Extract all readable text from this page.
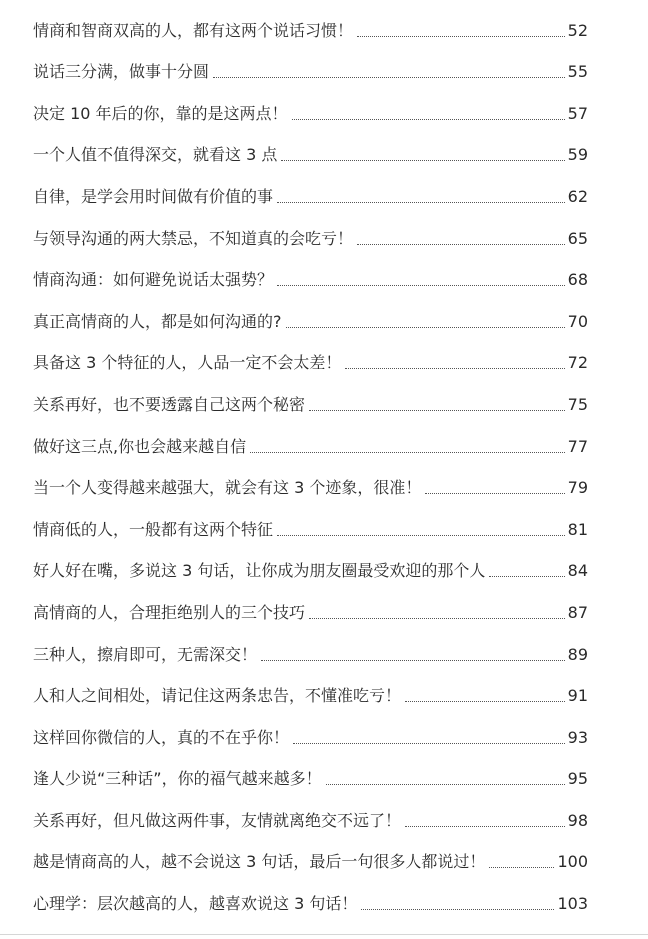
情商和智商双高的人，都有这两个说话习惯！	52
说话三分满，做事十分圆	55
决定 10 年后的你，靠的是这两点！	57
一个人值不值得深交，就看这 3 点	59
自律，是学会用时间做有价值的事	62
与领导沟通的两大禁忌，不知道真的会吃亏！	65
情商沟通：如何避免说话太强势？	68
真正高情商的人，都是如何沟通的?	70
具备这 3 个特征的人，人品一定不会太差！	72
关系再好，也不要透露自己这两个秘密	75
做好这三点,你也会越来越自信	77
当一个人变得越来越强大，就会有这 3 个迹象，很准！	79
情商低的人，一般都有这两个特征	81
好人好在嘴，多说这 3 句话，让你成为朋友圈最受欢迎的那个人	84
高情商的人，合理拒绝别人的三个技巧	87
三种人，擦肩即可，无需深交！	89
人和人之间相处，请记住这两条忠告，不懂准吃亏！	91
这样回你微信的人，真的不在乎你！	93
逢人少说“三种话”，你的福气越来越多！	95
关系再好，但凡做这两件事，友情就离绝交不远了！	98
越是情商高的人，越不会说这 3 句话，最后一句很多人都说过！	100
心理学：层次越高的人，越喜欢说这 3 句话！	103
